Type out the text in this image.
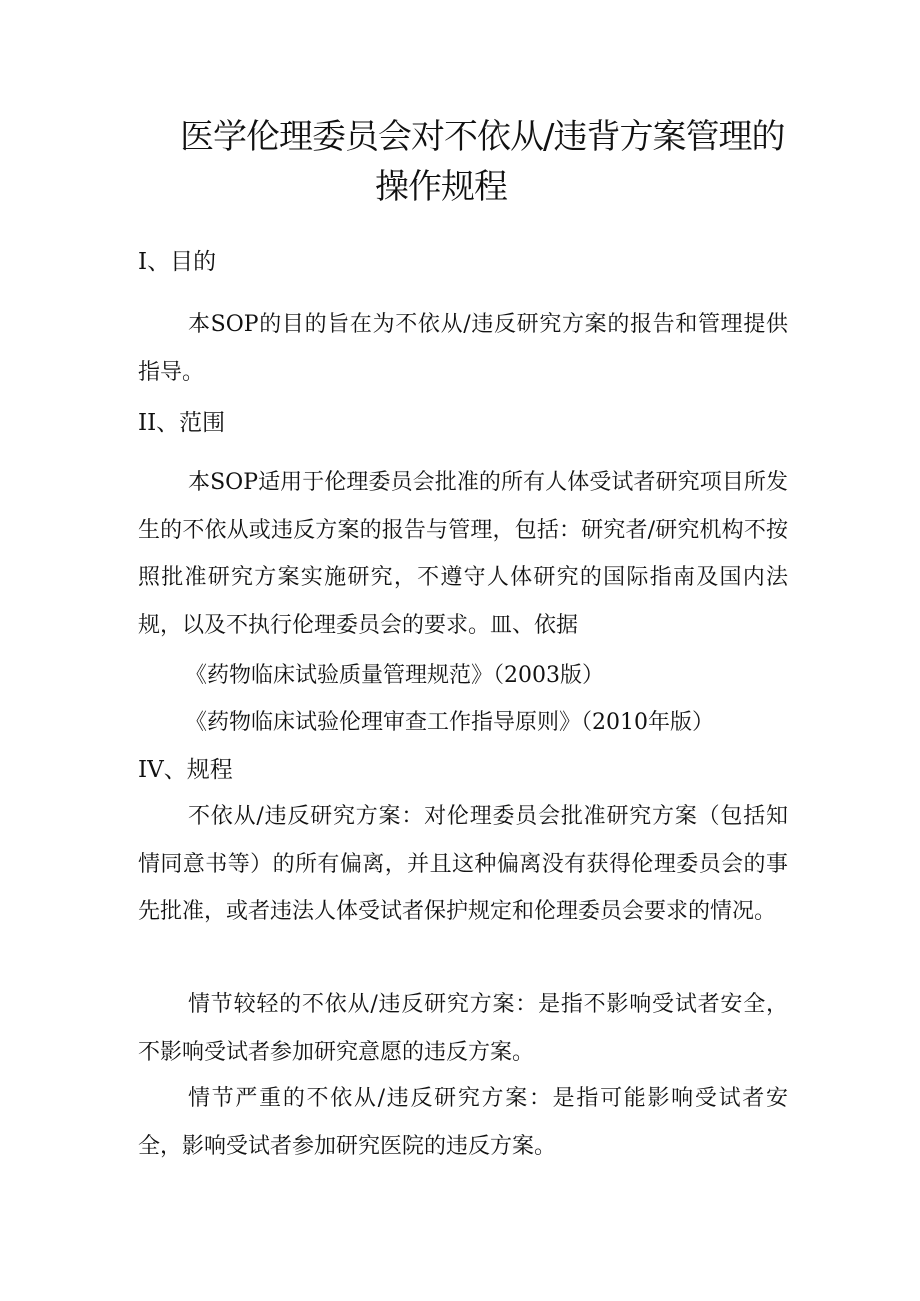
医学伦理委员会对不依从/违背方案管理的
操作规程
I、目的
本SOP的目的旨在为不依从/违反研究方案的报告和管理提供指导。
II、范围
本SOP适用于伦理委员会批准的所有人体受试者研究项目所发生的不依从或违反方案的报告与管理，包括：研究者/研究机构不按照批准研究方案实施研究，不遵守人体研究的国际指南及国内法规，以及不执行伦理委员会的要求。皿、依据
《药物临床试验质量管理规范》（2003版）
《药物临床试验伦理审查工作指导原则》（2010年版）
IV、规程
不依从/违反研究方案：对伦理委员会批准研究方案（包括知情同意书等）的所有偏离，并且这种偏离没有获得伦理委员会的事先批准，或者违法人体受试者保护规定和伦理委员会要求的情况。
情节较轻的不依从/违反研究方案：是指不影响受试者安全，不影响受试者参加研究意愿的违反方案。
情节严重的不依从/违反研究方案：是指可能影响受试者安全，影响受试者参加研究医院的违反方案。
